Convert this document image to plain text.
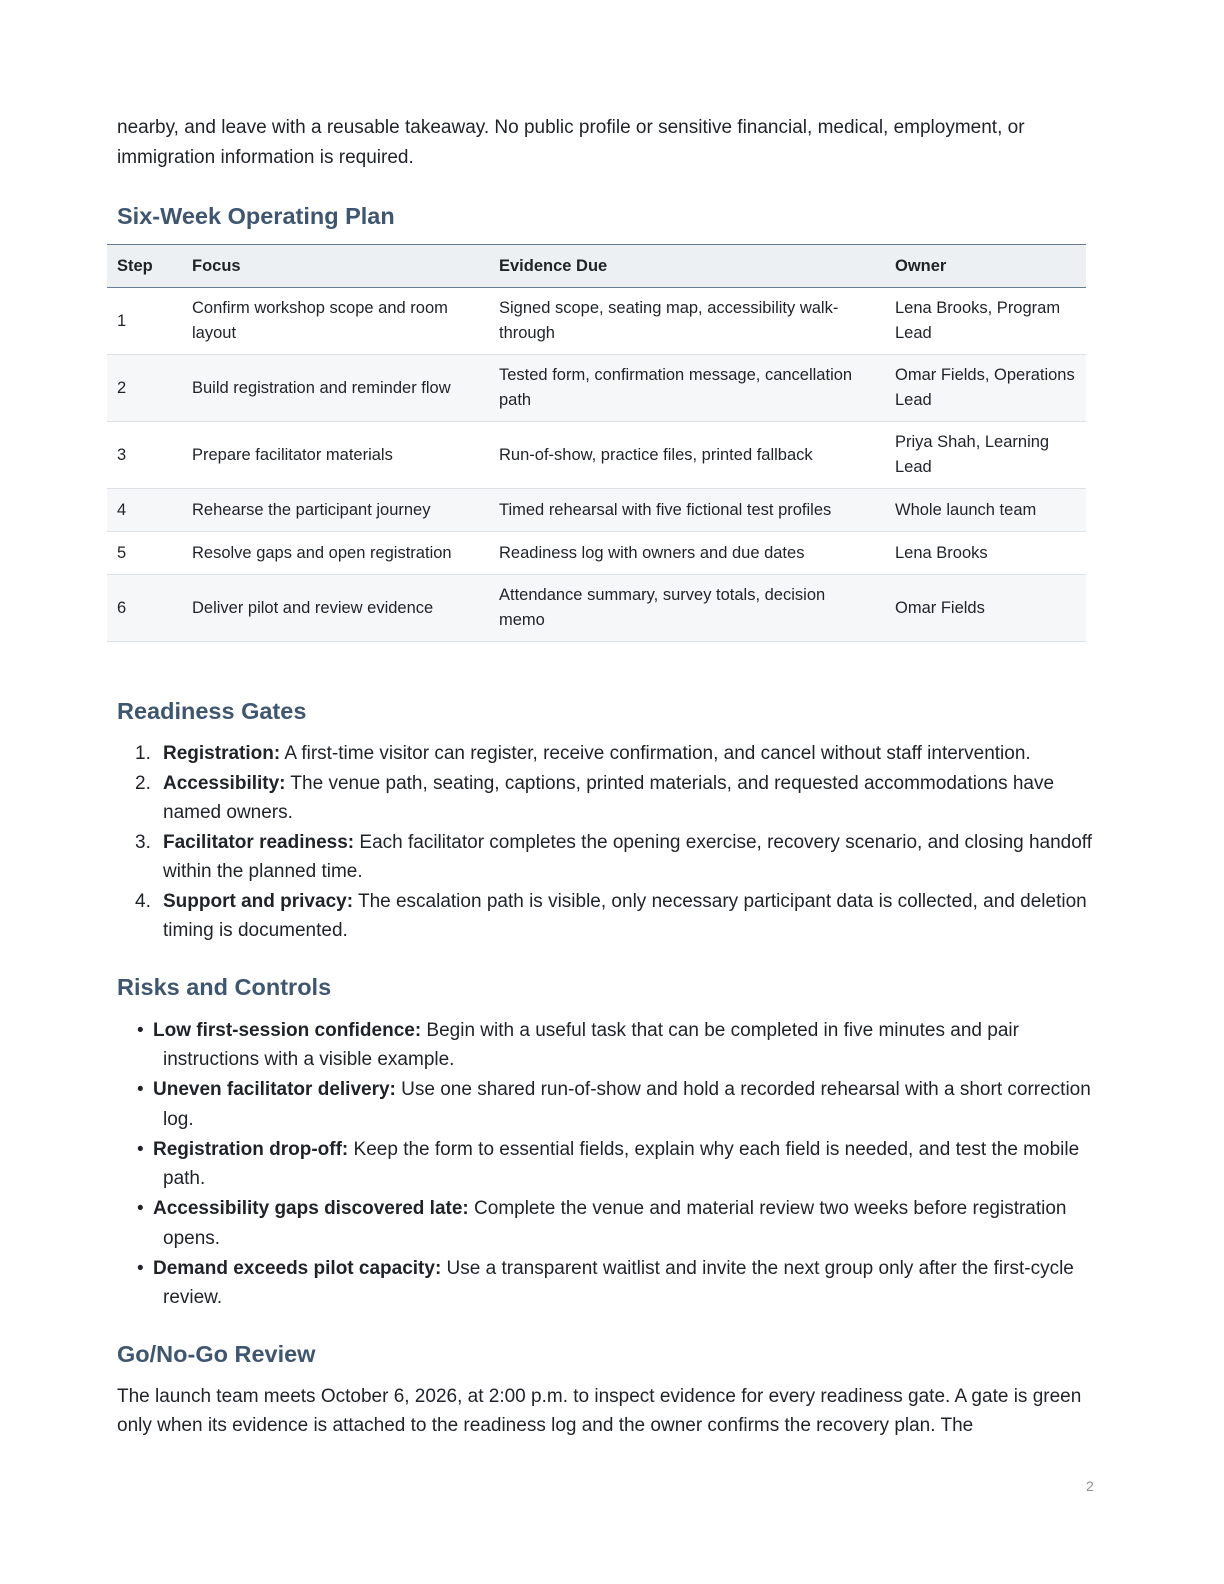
nearby, and leave with a reusable takeaway. No public profile or sensitive financial, medical, employment, or immigration information is required.

Six-Week Operating Plan
Step	Focus	Evidence Due	Owner
1	Confirm workshop scope and room layout	Signed scope, seating map, accessibility walk-through	Lena Brooks, Program Lead
2	Build registration and reminder flow	Tested form, confirmation message, cancellation path	Omar Fields, Operations Lead
3	Prepare facilitator materials	Run-of-show, practice files, printed fallback	Priya Shah, Learning Lead
4	Rehearse the participant journey	Timed rehearsal with five fictional test profiles	Whole launch team
5	Resolve gaps and open registration	Readiness log with owners and due dates	Lena Brooks
6	Deliver pilot and review evidence	Attendance summary, survey totals, decision memo	Omar Fields
Readiness Gates
1. Registration: A first-time visitor can register, receive confirmation, and cancel without staff intervention.
2. Accessibility: The venue path, seating, captions, printed materials, and requested accommodations have named owners.
3. Facilitator readiness: Each facilitator completes the opening exercise, recovery scenario, and closing handoff within the planned time.
4. Support and privacy: The escalation path is visible, only necessary participant data is collected, and deletion timing is documented.
Risks and Controls
• Low first-session confidence: Begin with a useful task that can be completed in five minutes and pair instructions with a visible example.
• Uneven facilitator delivery: Use one shared run-of-show and hold a recorded rehearsal with a short correction log.
• Registration drop-off: Keep the form to essential fields, explain why each field is needed, and test the mobile path.
• Accessibility gaps discovered late: Complete the venue and material review two weeks before registration opens.
• Demand exceeds pilot capacity: Use a transparent waitlist and invite the next group only after the first-cycle review.
Go/No-Go Review

The launch team meets October 6, 2026, at 2:00 p.m. to inspect evidence for every readiness gate. A gate is green only when its evidence is attached to the readiness log and the owner confirms the recovery plan. The

2
